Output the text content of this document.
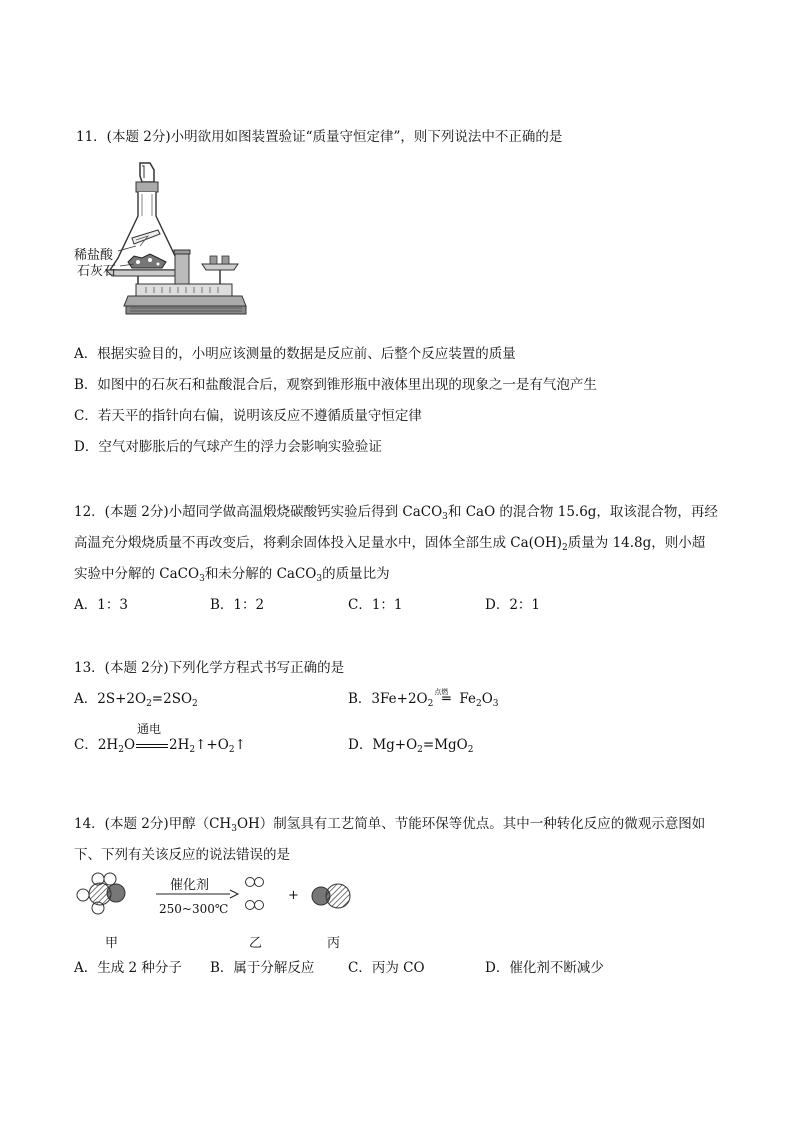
11．(本题 2分)小明欲用如图装置验证“质量守恒定律”，则下列说法中不正确的是
稀盐酸
石灰石
A．根据实验目的，小明应该测量的数据是反应前、后整个反应装置的质量
B．如图中的石灰石和盐酸混合后，观察到锥形瓶中液体里出现的现象之一是有气泡产生
C．若天平的指针向右偏，说明该反应不遵循质量守恒定律
D．空气对膨胀后的气球产生的浮力会影响实验验证
12．(本题 2分)小超同学做高温煅烧碳酸钙实验后得到 CaCO$_3$和 CaO 的混合物 15.6g，取该混合物，再经
高温充分煅烧质量不再改变后，将剩余固体投入足量水中，固体全部生成 $Ca(OH)_2$质量为 14.8g，则小超
实验中分解的 CaCO$_3$和未分解的 CaCO$_3$的质量比为
A．1：3	B．1：2	C．1：1	D．2：1
13．(本题 2分)下列化学方程式书写正确的是
A．$2S+2O_2=2SO_2$	B．$3Fe+2O_2$
点燃
═ $Fe_2O_3$
C．$2H_2O$
通电
$2H_2↑+O_2↑$	D．$Mg+O_2=MgO_2$
14．(本题 2分)甲醇$(CH_3OH)$制氢具有工艺简单、节能环保等优点。其中一种转化反应的微观示意图如
下、下列有关该反应的说法错误的是
催化剂
250~300℃
+
甲	乙	丙
A．生成 2 种分子 B．属于分解反应 C．丙为 CO	D．催化剂不断减少
